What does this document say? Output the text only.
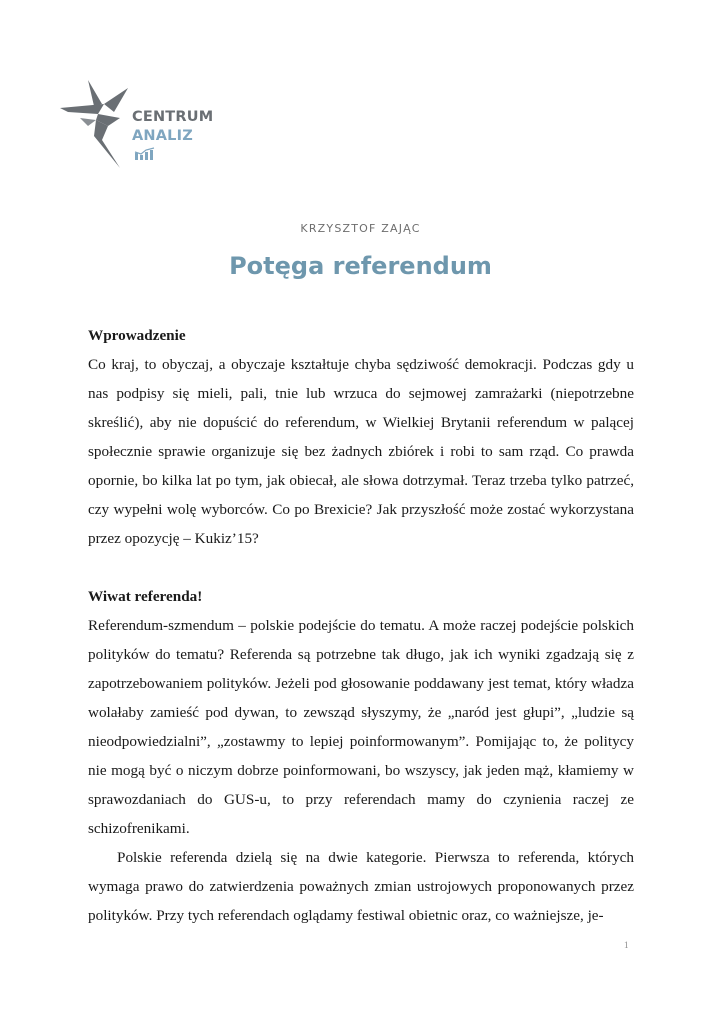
CENTRUM
ANALIZ
KRZYSZTOF ZAJĄC
Potęga referendum
Wprowadzenie

Co kraj, to obyczaj, a obyczaje kształtuje chyba sędziwość demokracji. Podczas gdy u nas podpisy się mieli, pali, tnie lub wrzuca do sejmowej zamrażarki (niepotrzebne skreślić), aby nie dopuścić do referendum, w Wielkiej Brytanii referendum w palącej społecznie sprawie organizuje się bez żadnych zbiórek i robi to sam rząd. Co prawda opornie, bo kilka lat po tym, jak obiecał, ale słowa dotrzymał. Teraz trzeba tylko patrzeć, czy wypełni wolę wyborców. Co po Brexicie? Jak przyszłość może zostać wykorzystana przez opozycję – Kukiz’15?

Wiwat referenda!

Referendum-szmendum – polskie podejście do tematu. A może raczej podejście polskich polityków do tematu? Referenda są potrzebne tak długo, jak ich wyniki zgadzają się z zapotrzebowaniem polityków. Jeżeli pod głosowanie poddawany jest temat, który władza wolałaby zamieść pod dywan, to zewsząd słyszymy, że „naród jest głupi”, „ludzie są nieodpowiedzialni”, „zostawmy to lepiej poinformowanym”. Pomijając to, że politycy nie mogą być o niczym dobrze poinformowani, bo wszyscy, jak jeden mąż, kłamiemy w sprawozdaniach do GUS-u, to przy referendach mamy do czynienia raczej ze schizofrenikami.

Polskie referenda dzielą się na dwie kategorie. Pierwsza to referenda, których wymaga prawo do zatwierdzenia poważnych zmian ustrojowych proponowanych przez polityków. Przy tych referendach oglądamy festiwal obietnic oraz, co ważniejsze, je-

1
